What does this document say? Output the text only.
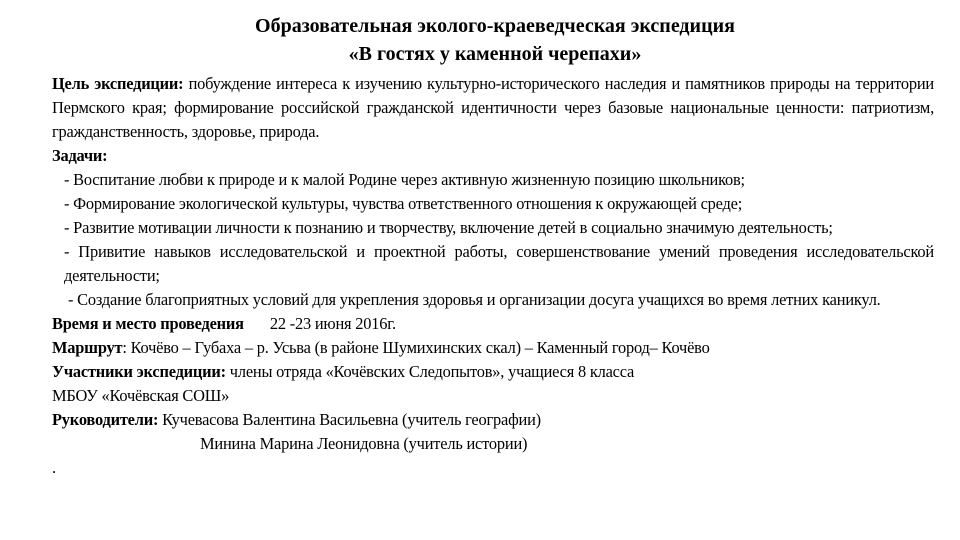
Образовательная эколого-краеведческая экспедиция
«В гостях у каменной черепахи»

Цель экспедиции: побуждение интереса к изучению культурно-исторического наследия и памятников природы на территории Пермского края; формирование российской гражданской идентичности через базовые национальные ценности: патриотизм, гражданственность, здоровье, природа.

Задачи:

- Воспитание любви к природе и к малой Родине через активную жизненную позицию школьников;

- Формирование экологической культуры, чувства ответственного отношения к окружающей среде;

- Развитие мотивации личности к познанию и творчеству, включение детей в социально значимую деятельность;

- Привитие навыков исследовательской и проектной работы, совершенствование умений проведения исследовательской деятельности;

- Создание благоприятных условий для укрепления здоровья и организации досуга учащихся во время летних каникул.

Время и место проведения 22 -23 июня 2016г.

Маршрут: Кочёво – Губаха – р. Усьва (в районе Шумихинских скал) – Каменный город– Кочёво

Участники экспедиции: члены отряда «Кочёвских Следопытов», учащиеся 8 класса

МБОУ «Кочёвская СОШ»

Руководители: Кучевасова Валентина Васильевна (учитель географии)

Минина Марина Леонидовна (учитель истории)

.
